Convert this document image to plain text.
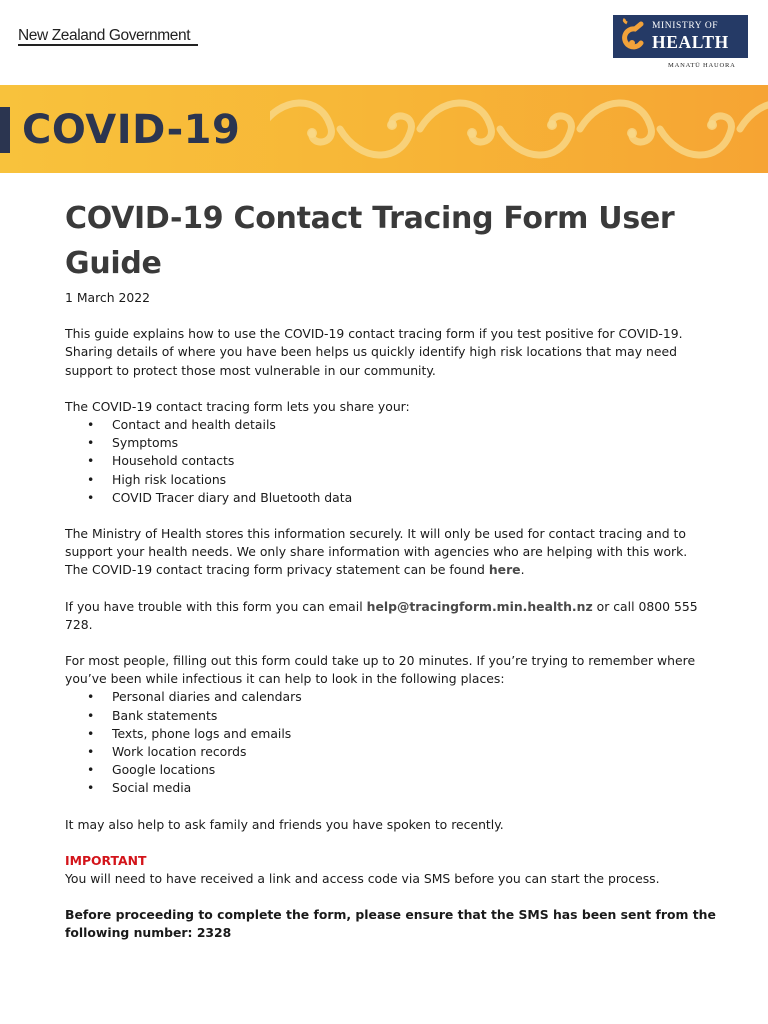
New Zealand Government
MINISTRY OF
HEALTH
MANATŪ HAUORA
COVID-19
COVID-19 Contact Tracing Form User Guide

1 March 2022

This guide explains how to use the COVID-19 contact tracing form if you test positive for COVID-19. Sharing details of where you have been helps us quickly identify high risk locations that may need support to protect those most vulnerable in our community.

The COVID-19 contact tracing form lets you share your:

• Contact and health details
• Symptoms
• Household contacts
• High risk locations
• COVID Tracer diary and Bluetooth data

The Ministry of Health stores this information securely. It will only be used for contact tracing and to support your health needs. We only share information with agencies who are helping with this work.

The COVID-19 contact tracing form privacy statement can be found here.

If you have trouble with this form you can email help@tracingform.min.health.nz or call 0800 555 728.

For most people, filling out this form could take up to 20 minutes. If you’re trying to remember where you’ve been while infectious it can help to look in the following places:

• Personal diaries and calendars
• Bank statements
• Texts, phone logs and emails
• Work location records
• Google locations
• Social media

It may also help to ask family and friends you have spoken to recently.

IMPORTANT

You will need to have received a link and access code via SMS before you can start the process.

Before proceeding to complete the form, please ensure that the SMS has been sent from the following number: 2328
